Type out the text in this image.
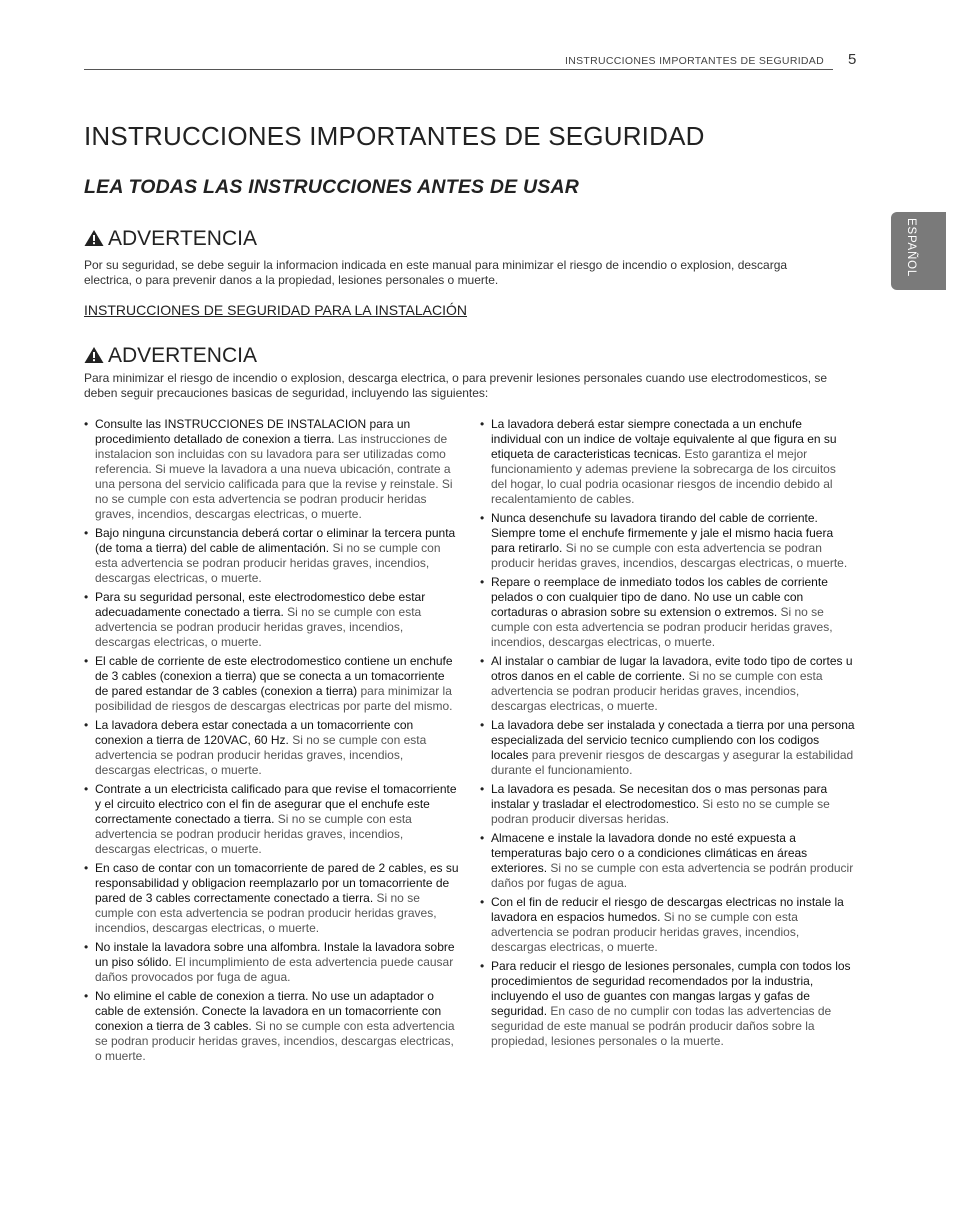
INSTRUCCIONES IMPORTANTES DE SEGURIDAD 5
ESPAÑOL
INSTRUCCIONES IMPORTANTES DE SEGURIDAD
LEA TODAS LAS INSTRUCCIONES ANTES DE USAR
ADVERTENCIA

Por su seguridad, se debe seguir la informacion indicada en este manual para minimizar el riesgo de incendio o explosion, descarga electrica, o para prevenir danos a la propiedad, lesiones personales o muerte.

INSTRUCCIONES DE SEGURIDAD PARA LA INSTALACIÓN
ADVERTENCIA

Para minimizar el riesgo de incendio o explosion, descarga electrica, o para prevenir lesiones personales cuando use electrodomesticos, se deben seguir precauciones basicas de seguridad, incluyendo las siguientes:

• Consulte las INSTRUCCIONES DE INSTALACION para un procedimiento detallado de conexion a tierra. Las instrucciones de instalacion son incluidas con su lavadora para ser utilizadas como referencia. Si mueve la lavadora a una nueva ubicación, contrate a una persona del servicio calificada para que la revise y reinstale. Si no se cumple con esta advertencia se podran producir heridas graves, incendios, descargas electricas, o muerte.
• Bajo ninguna circunstancia deberá cortar o eliminar la tercera punta (de toma a tierra) del cable de alimentación. Si no se cumple con esta advertencia se podran producir heridas graves, incendios, descargas electricas, o muerte.
• Para su seguridad personal, este electrodomestico debe estar adecuadamente conectado a tierra. Si no se cumple con esta advertencia se podran producir heridas graves, incendios, descargas electricas, o muerte.
• El cable de corriente de este electrodomestico contiene un enchufe de 3 cables (conexion a tierra) que se conecta a un tomacorriente de pared estandar de 3 cables (conexion a tierra) para minimizar la posibilidad de riesgos de descargas electricas por parte del mismo.
• La lavadora debera estar conectada a un tomacorriente con conexion a tierra de 120VAC, 60 Hz. Si no se cumple con esta advertencia se podran producir heridas graves, incendios, descargas electricas, o muerte.
• Contrate a un electricista calificado para que revise el tomacorriente y el circuito electrico con el fin de asegurar que el enchufe este correctamente conectado a tierra. Si no se cumple con esta advertencia se podran producir heridas graves, incendios, descargas electricas, o muerte.
• En caso de contar con un tomacorriente de pared de 2 cables, es su responsabilidad y obligacion reemplazarlo por un tomacorriente de pared de 3 cables correctamente conectado a tierra. Si no se cumple con esta advertencia se podran producir heridas graves, incendios, descargas electricas, o muerte.
• No instale la lavadora sobre una alfombra. Instale la lavadora sobre un piso sólido. El incumplimiento de esta advertencia puede causar daños provocados por fuga de agua.
• No elimine el cable de conexion a tierra. No use un adaptador o cable de extensión. Conecte la lavadora en un tomacorriente con conexion a tierra de 3 cables. Si no se cumple con esta advertencia se podran producir heridas graves, incendios, descargas electricas, o muerte.
• La lavadora deberá estar siempre conectada a un enchufe individual con un indice de voltaje equivalente al que figura en su etiqueta de caracteristicas tecnicas. Esto garantiza el mejor funcionamiento y ademas previene la sobrecarga de los circuitos del hogar, lo cual podria ocasionar riesgos de incendio debido al recalentamiento de cables.
• Nunca desenchufe su lavadora tirando del cable de corriente. Siempre tome el enchufe firmemente y jale el mismo hacia fuera para retirarlo. Si no se cumple con esta advertencia se podran producir heridas graves, incendios, descargas electricas, o muerte.
• Repare o reemplace de inmediato todos los cables de corriente pelados o con cualquier tipo de dano. No use un cable con cortaduras o abrasion sobre su extension o extremos. Si no se cumple con esta advertencia se podran producir heridas graves, incendios, descargas electricas, o muerte.
• Al instalar o cambiar de lugar la lavadora, evite todo tipo de cortes u otros danos en el cable de corriente. Si no se cumple con esta advertencia se podran producir heridas graves, incendios, descargas electricas, o muerte.
• La lavadora debe ser instalada y conectada a tierra por una persona especializada del servicio tecnico cumpliendo con los codigos locales para prevenir riesgos de descargas y asegurar la estabilidad durante el funcionamiento.
• La lavadora es pesada. Se necesitan dos o mas personas para instalar y trasladar el electrodomestico. Si esto no se cumple se podran producir diversas heridas.
• Almacene e instale la lavadora donde no esté expuesta a temperaturas bajo cero o a condiciones climáticas en áreas exteriores. Si no se cumple con esta advertencia se podrán producir daños por fugas de agua.
• Con el fin de reducir el riesgo de descargas electricas no instale la lavadora en espacios humedos. Si no se cumple con esta advertencia se podran producir heridas graves, incendios, descargas electricas, o muerte.
• Para reducir el riesgo de lesiones personales, cumpla con todos los procedimientos de seguridad recomendados por la industria, incluyendo el uso de guantes con mangas largas y gafas de seguridad. En caso de no cumplir con todas las advertencias de seguridad de este manual se podrán producir daños sobre la propiedad, lesiones personales o la muerte.
